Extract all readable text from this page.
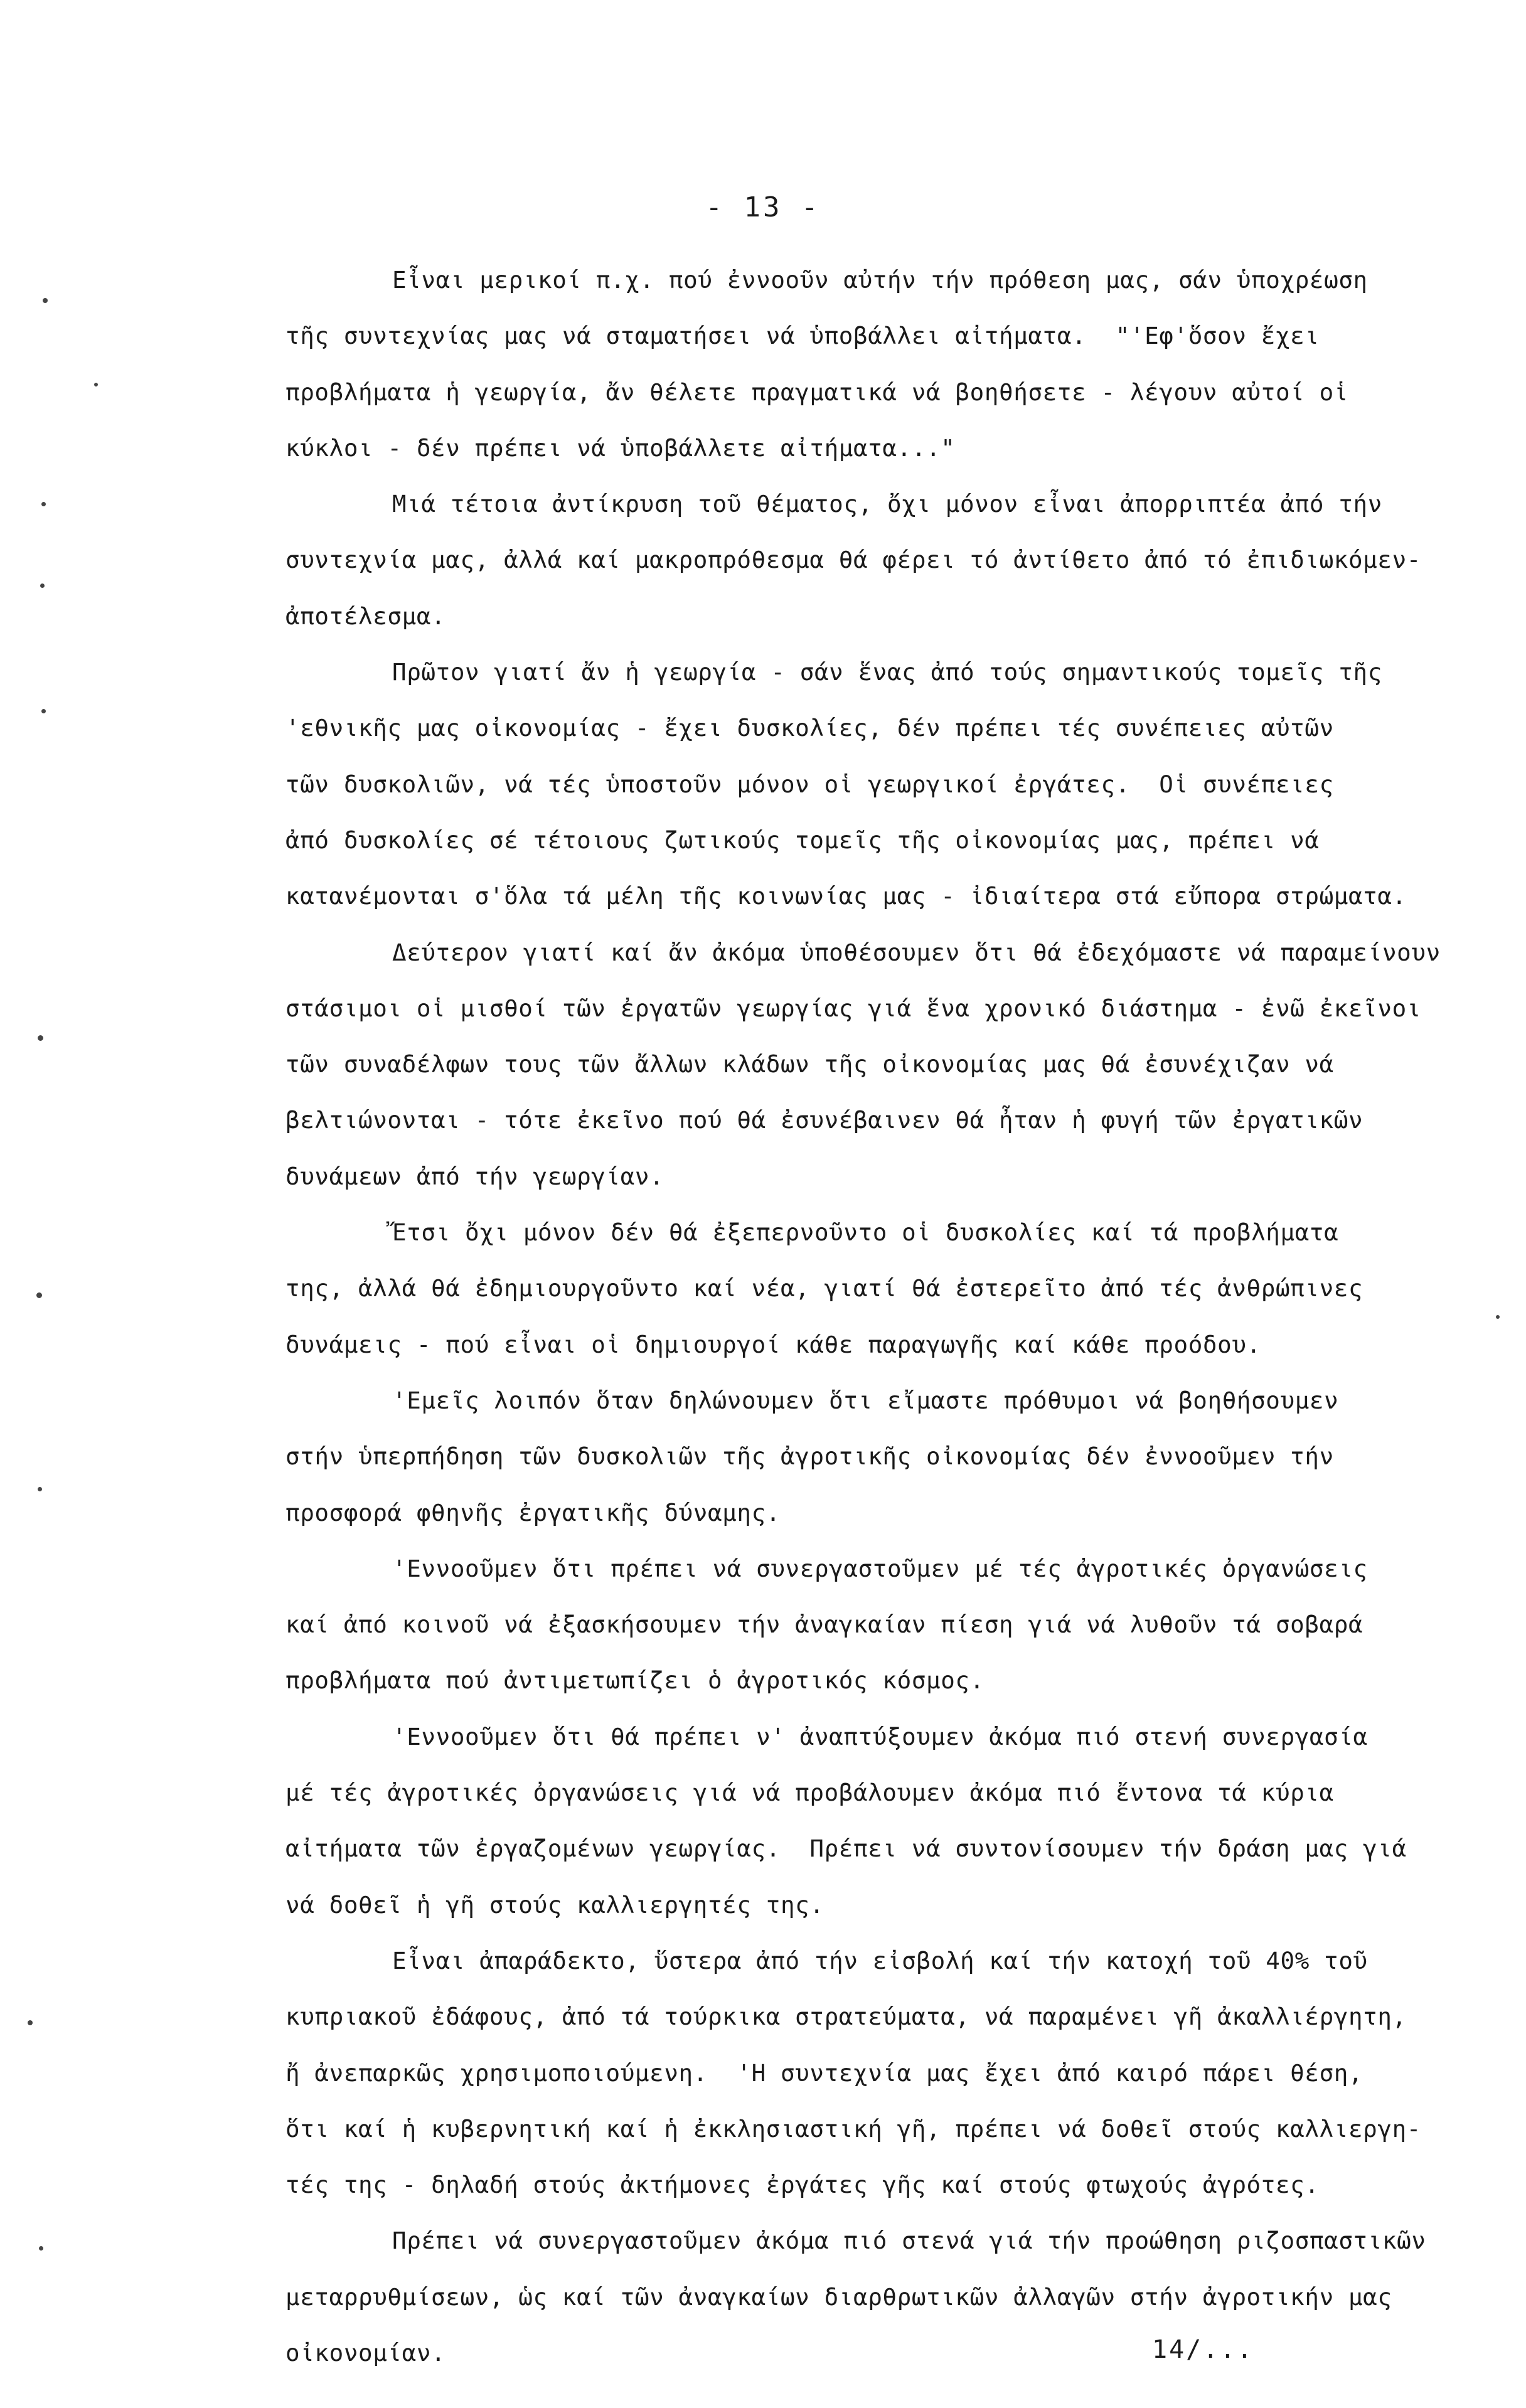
- 13 -
Εἶναι μερικοί π.χ. πού ἐννοοῦν αὐτήν τήν πρόθεση μας, σάν ὑποχρέωση
τῆς συντεχνίας μας νά σταματήσει νά ὑποβάλλει αἰτήματα.  "'Εφ'ὅσον ἔχει
προβλήματα ἡ γεωργία, ἄν θέλετε πραγματικά νά βοηθήσετε - λέγουν αὐτοί οἱ
κύκλοι - δέν πρέπει νά ὑποβάλλετε αἰτήματα..."
Μιά τέτοια ἀντίκρυση τοῦ θέματος, ὄχι μόνον εἶναι ἀπορριπτέα ἀπό τήν
συντεχνία μας, ἀλλά καί μακροπρόθεσμα θά φέρει τό ἀντίθετο ἀπό τό ἐπιδιωκόμεν-
ἀποτέλεσμα.
Πρῶτον γιατί ἄν ἡ γεωργία - σάν ἕνας ἀπό τούς σημαντικούς τομεῖς τῆς
'εθνικῆς μας οἰκονομίας - ἔχει δυσκολίες, δέν πρέπει τές συνέπειες αὐτῶν
τῶν δυσκολιῶν, νά τές ὑποστοῦν μόνον οἱ γεωργικοί ἐργάτες.  Οἱ συνέπειες
ἀπό δυσκολίες σέ τέτοιους ζωτικούς τομεῖς τῆς οἰκονομίας μας, πρέπει νά
κατανέμονται σ'ὅλα τά μέλη τῆς κοινωνίας μας - ἰδιαίτερα στά εὔπορα στρώματα.
Δεύτερον γιατί καί ἄν ἀκόμα ὑποθέσουμεν ὅτι θά ἐδεχόμαστε νά παραμείνουν
στάσιμοι οἱ μισθοί τῶν ἐργατῶν γεωργίας γιά ἕνα χρονικό διάστημα - ἐνῶ ἐκεῖνοι
τῶν συναδέλφων τους τῶν ἄλλων κλάδων τῆς οἰκονομίας μας θά ἐσυνέχιζαν νά
βελτιώνονται - τότε ἐκεῖνο πού θά ἐσυνέβαινεν θά ἦταν ἡ φυγή τῶν ἐργατικῶν
δυνάμεων ἀπό τήν γεωργίαν.
Ἔτσι ὄχι μόνον δέν θά ἐξεπερνοῦντο οἱ δυσκολίες καί τά προβλήματα
της, ἀλλά θά ἐδημιουργοῦντο καί νέα, γιατί θά ἐστερεῖτο ἀπό τές ἀνθρώπινες
δυνάμεις - πού εἶναι οἱ δημιουργοί κάθε παραγωγῆς καί κάθε προόδου.
'Εμεῖς λοιπόν ὅταν δηλώνουμεν ὅτι εἴμαστε πρόθυμοι νά βοηθήσουμεν
στήν ὑπερπήδηση τῶν δυσκολιῶν τῆς ἀγροτικῆς οἰκονομίας δέν ἐννοοῦμεν τήν
προσφορά φθηνῆς ἐργατικῆς δύναμης.
'Εννοοῦμεν ὅτι πρέπει νά συνεργαστοῦμεν μέ τές ἀγροτικές ὀργανώσεις
καί ἀπό κοινοῦ νά ἐξασκήσουμεν τήν ἀναγκαίαν πίεση γιά νά λυθοῦν τά σοβαρά
προβλήματα πού ἀντιμετωπίζει ὁ ἀγροτικός κόσμος.
'Εννοοῦμεν ὅτι θά πρέπει ν' ἀναπτύξουμεν ἀκόμα πιό στενή συνεργασία
μέ τές ἀγροτικές ὀργανώσεις γιά νά προβάλουμεν ἀκόμα πιό ἔντονα τά κύρια
αἰτήματα τῶν ἐργαζομένων γεωργίας.  Πρέπει νά συντονίσουμεν τήν δράση μας γιά
νά δοθεῖ ἡ γῆ στούς καλλιεργητές της.
Εἶναι ἀπαράδεκτο, ὕστερα ἀπό τήν εἰσβολή καί τήν κατοχή τοῦ 40% τοῦ
κυπριακοῦ ἐδάφους, ἀπό τά τούρκικα στρατεύματα, νά παραμένει γῆ ἀκαλλιέργητη,
ἤ ἀνεπαρκῶς χρησιμοποιούμενη.  'Η συντεχνία μας ἔχει ἀπό καιρό πάρει θέση,
ὅτι καί ἡ κυβερνητική καί ἡ ἐκκλησιαστική γῆ, πρέπει νά δοθεῖ στούς καλλιεργη-
τές της - δηλαδή στούς ἀκτήμονες ἐργάτες γῆς καί στούς φτωχούς ἀγρότες.
Πρέπει νά συνεργαστοῦμεν ἀκόμα πιό στενά γιά τήν προώθηση ριζοσπαστικῶν
μεταρρυθμίσεων, ὡς καί τῶν ἀναγκαίων διαρθρωτικῶν ἀλλαγῶν στήν ἀγροτικήν μας
οἰκονομίαν.	14/...
